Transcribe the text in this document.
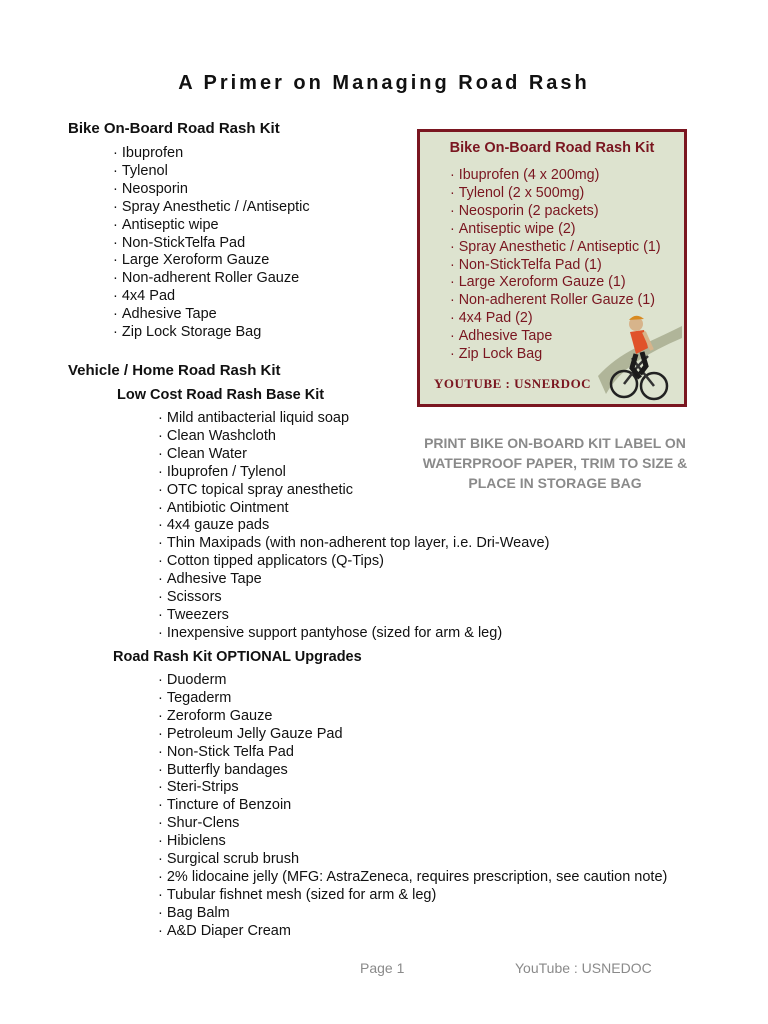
A Primer on Managing Road Rash
Bike On-Board Road Rash Kit
· Ibuprofen
· Tylenol
· Neosporin
· Spray Anesthetic / /Antiseptic
· Antiseptic wipe
· Non-StickTelfa Pad
· Large Xeroform Gauze
· Non-adherent Roller Gauze
· 4x4 Pad
· Adhesive Tape
· Zip Lock Storage Bag

Bike On-Board Road Rash Kit

· Ibuprofen (4 x 200mg)
· Tylenol (2 x 500mg)
· Neosporin (2 packets)
· Antiseptic wipe (2)
· Spray Anesthetic / Antiseptic (1)
· Non-StickTelfa Pad (1)
· Large Xeroform Gauze (1)
· Non-adherent Roller Gauze (1)
· 4x4 Pad (2)
· Adhesive Tape
· Zip Lock Bag

YOUTUBE : USNERDOC

PRINT BIKE ON-BOARD KIT LABEL ON WATERPROOF PAPER, TRIM TO SIZE & PLACE IN STORAGE BAG

Vehicle / Home Road Rash Kit
Low Cost Road Rash Base Kit
· Mild antibacterial liquid soap
· Clean Washcloth
· Clean Water
· Ibuprofen / Tylenol
· OTC topical spray anesthetic
· Antibiotic Ointment
· 4x4 gauze pads
· Thin Maxipads (with non-adherent top layer, i.e. Dri-Weave)
· Cotton tipped applicators (Q-Tips)
· Adhesive Tape
· Scissors
· Tweezers
· Inexpensive support pantyhose (sized for arm & leg)
Road Rash Kit OPTIONAL Upgrades
· Duoderm
· Tegaderm
· Zeroform Gauze
· Petroleum Jelly Gauze Pad
· Non-Stick Telfa Pad
· Butterfly bandages
· Steri-Strips
· Tincture of Benzoin
· Shur-Clens
· Hibiclens
· Surgical scrub brush
· 2% lidocaine jelly (MFG: AstraZeneca, requires prescription, see caution note)
· Tubular fishnet mesh (sized for arm & leg)
· Bag Balm
· A&D Diaper Cream
Page 1	YouTube : USNEDOC
